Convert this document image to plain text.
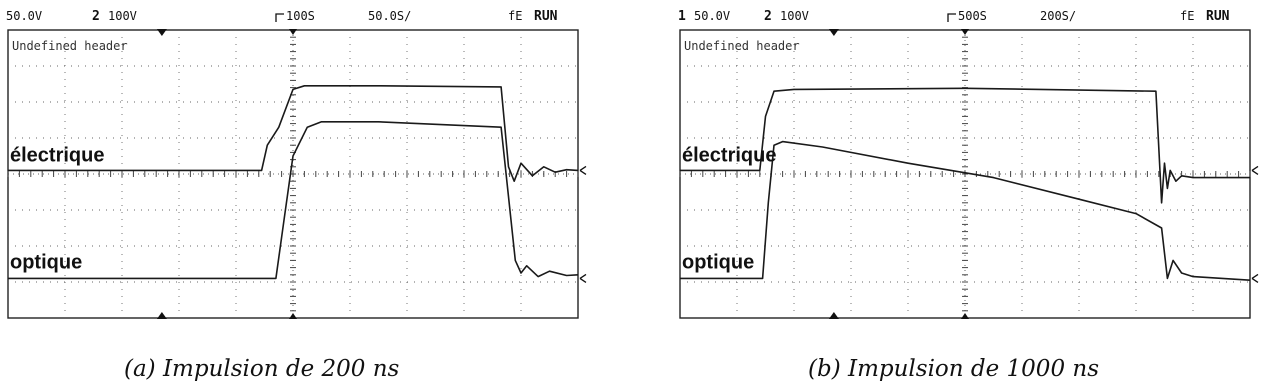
50.0V	2 100V	100S	50.0S/	fE RUN
Undefined header
électrique
optique
(a) Impulsion de 200 ns
1 50.0V	2 100V	500S	200S/	fE RUN
Undefined header
électrique
optique
(b) Impulsion de 1000 ns
